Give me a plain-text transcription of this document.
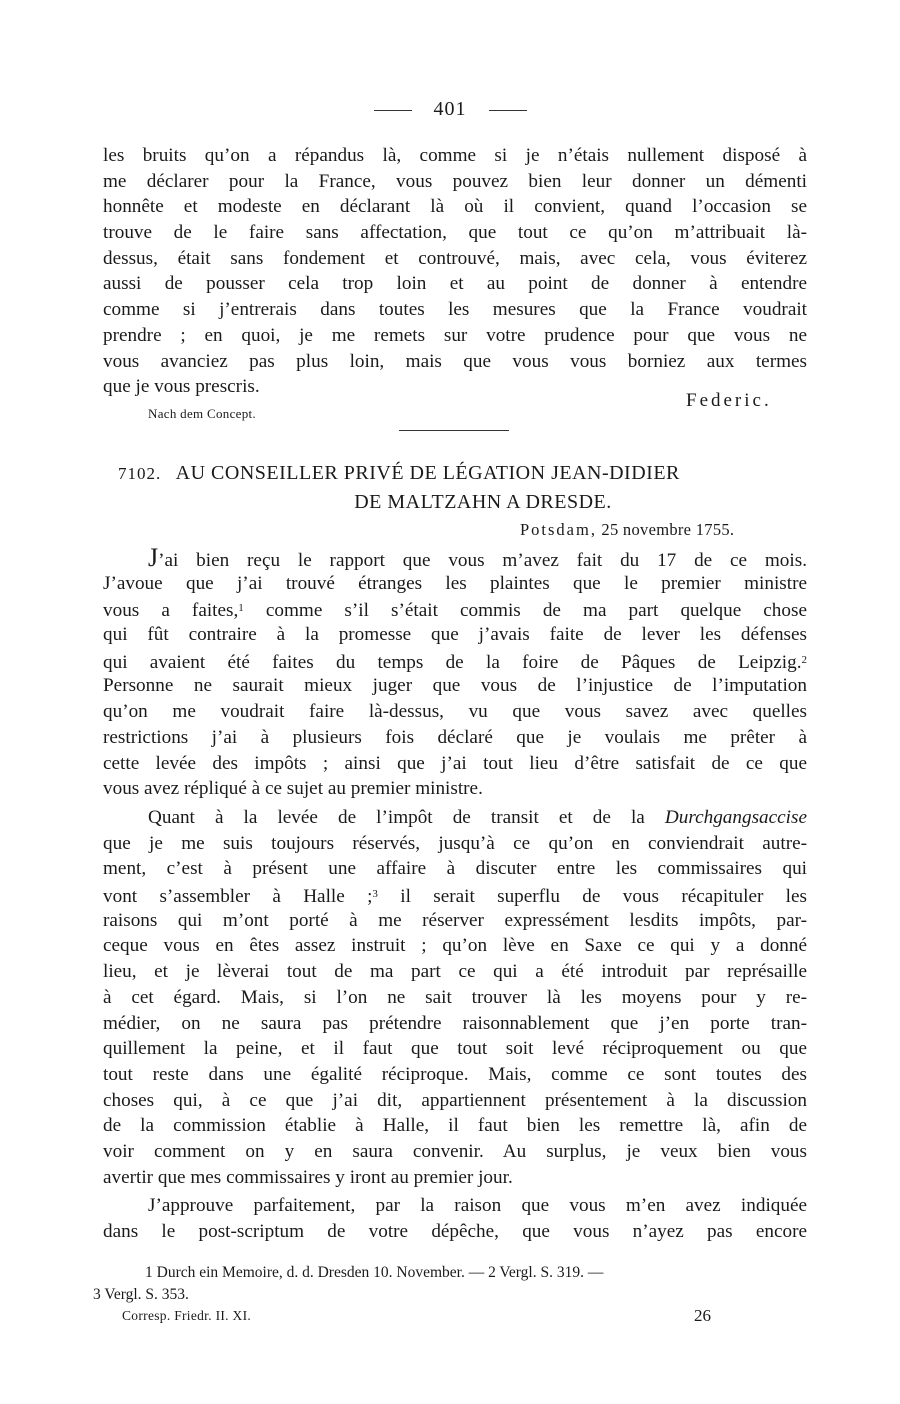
401
les bruits qu’on a répandus là, comme si je n’étais nullement disposé à
me déclarer pour la France, vous pouvez bien leur donner un démenti
honnête et modeste en déclarant là où il convient, quand l’occasion se
trouve de le faire sans affectation, que tout ce qu’on m’attribuait là-
dessus, était sans fondement et controuvé, mais, avec cela, vous éviterez
aussi de pousser cela trop loin et au point de donner à entendre
comme si j’entrerais dans toutes les mesures que la France voudrait
prendre ; en quoi, je me remets sur votre prudence pour que vous ne
vous avanciez pas plus loin, mais que vous vous borniez aux termes
que je vous prescris.
Federic.
Nach dem Concept.
7102. AU CONSEILLER PRIVÉ DE LÉGATION JEAN-DIDIER
DE MALTZAHN A DRESDE.
Potsdam, 25 novembre 1755.
J’ai bien reçu le rapport que vous m’avez fait du 17 de ce mois.
J’avoue que j’ai trouvé étranges les plaintes que le premier ministre
vous a faites,$^1$ comme s’il s’était commis de ma part quelque chose
qui fût contraire à la promesse que j’avais faite de lever les défenses
qui avaient été faites du temps de la foire de Pâques de Leipzig.$^2$
Personne ne saurait mieux juger que vous de l’injustice de l’imputation
qu’on me voudrait faire là-dessus, vu que vous savez avec quelles
restrictions j’ai à plusieurs fois déclaré que je voulais me prêter à
cette levée des impôts ; ainsi que j’ai tout lieu d’être satisfait de ce que
vous avez répliqué à ce sujet au premier ministre.
Quant à la levée de l’impôt de transit et de la Durchgangsaccise
que je me suis toujours réservés, jusqu’à ce qu’on en conviendrait autre-
ment, c’est à présent une affaire à discuter entre les commissaires qui
vont s’assembler à Halle ;$^3$ il serait superflu de vous récapituler les
raisons qui m’ont porté à me réserver expressément lesdits impôts, par-
ceque vous en êtes assez instruit ; qu’on lève en Saxe ce qui y a donné
lieu, et je lèverai tout de ma part ce qui a été introduit par représaille
à cet égard. Mais, si l’on ne sait trouver là les moyens pour y re-
médier, on ne saura pas prétendre raisonnablement que j’en porte tran-
quillement la peine, et il faut que tout soit levé réciproquement ou que
tout reste dans une égalité réciproque. Mais, comme ce sont toutes des
choses qui, à ce que j’ai dit, appartiennent présentement à la discussion
de la commission établie à Halle, il faut bien les remettre là, afin de
voir comment on y en saura convenir. Au surplus, je veux bien vous
avertir que mes commissaires y iront au premier jour.
J’approuve parfaitement, par la raison que vous m’en avez indiquée
dans le post-scriptum de votre dépêche, que vous n’ayez pas encore
1 Durch ein Memoire, d. d. Dresden 10. November. — 2 Vergl. S. 319. —
3 Vergl. S. 353.
Corresp. Friedr. II. XI.	26
